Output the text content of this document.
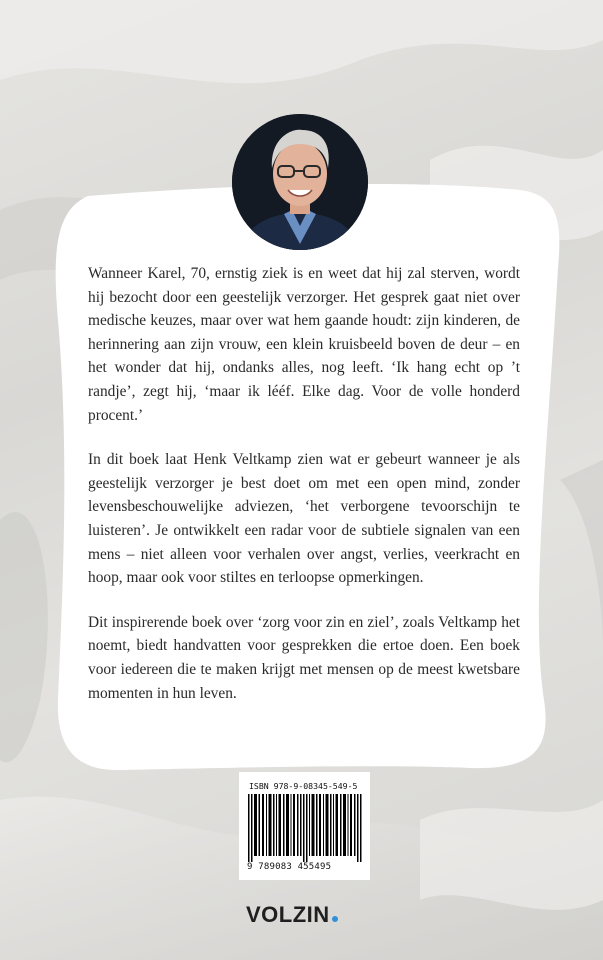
Wanneer Karel, 70, ernstig ziek is en weet dat hij zal sterven, wordt hij bezocht door een geestelijk verzorger. Het gesprek gaat niet over medische keuzes, maar over wat hem gaande houdt: zijn kinderen, de herinnering aan zijn vrouw, een klein kruisbeeld boven de deur – en het wonder dat hij, ondanks alles, nog leeft. ‘Ik hang echt op ’t randje’, zegt hij, ‘maar ik lééf. Elke dag. Voor de volle honderd procent.’

In dit boek laat Henk Veltkamp zien wat er gebeurt wanneer je als geestelijk verzorger je best doet om met een open mind, zonder levensbeschouwelijke adviezen, ‘het verborgene tevoorschijn te luisteren’. Je ontwikkelt een radar voor de subtiele signalen van een mens – niet alleen voor verhalen over angst, verlies, veerkracht en hoop, maar ook voor stiltes en terloopse opmerkingen.

Dit inspirerende boek over ‘zorg voor zin en ziel’, zoals Veltkamp het noemt, biedt handvatten voor gesprekken die ertoe doen. Een boek voor iedereen die te maken krijgt met mensen op de meest kwetsbare momenten in hun leven.

ISBN 978-9-08345-549-5
9 789083 455495
VOLZIN
